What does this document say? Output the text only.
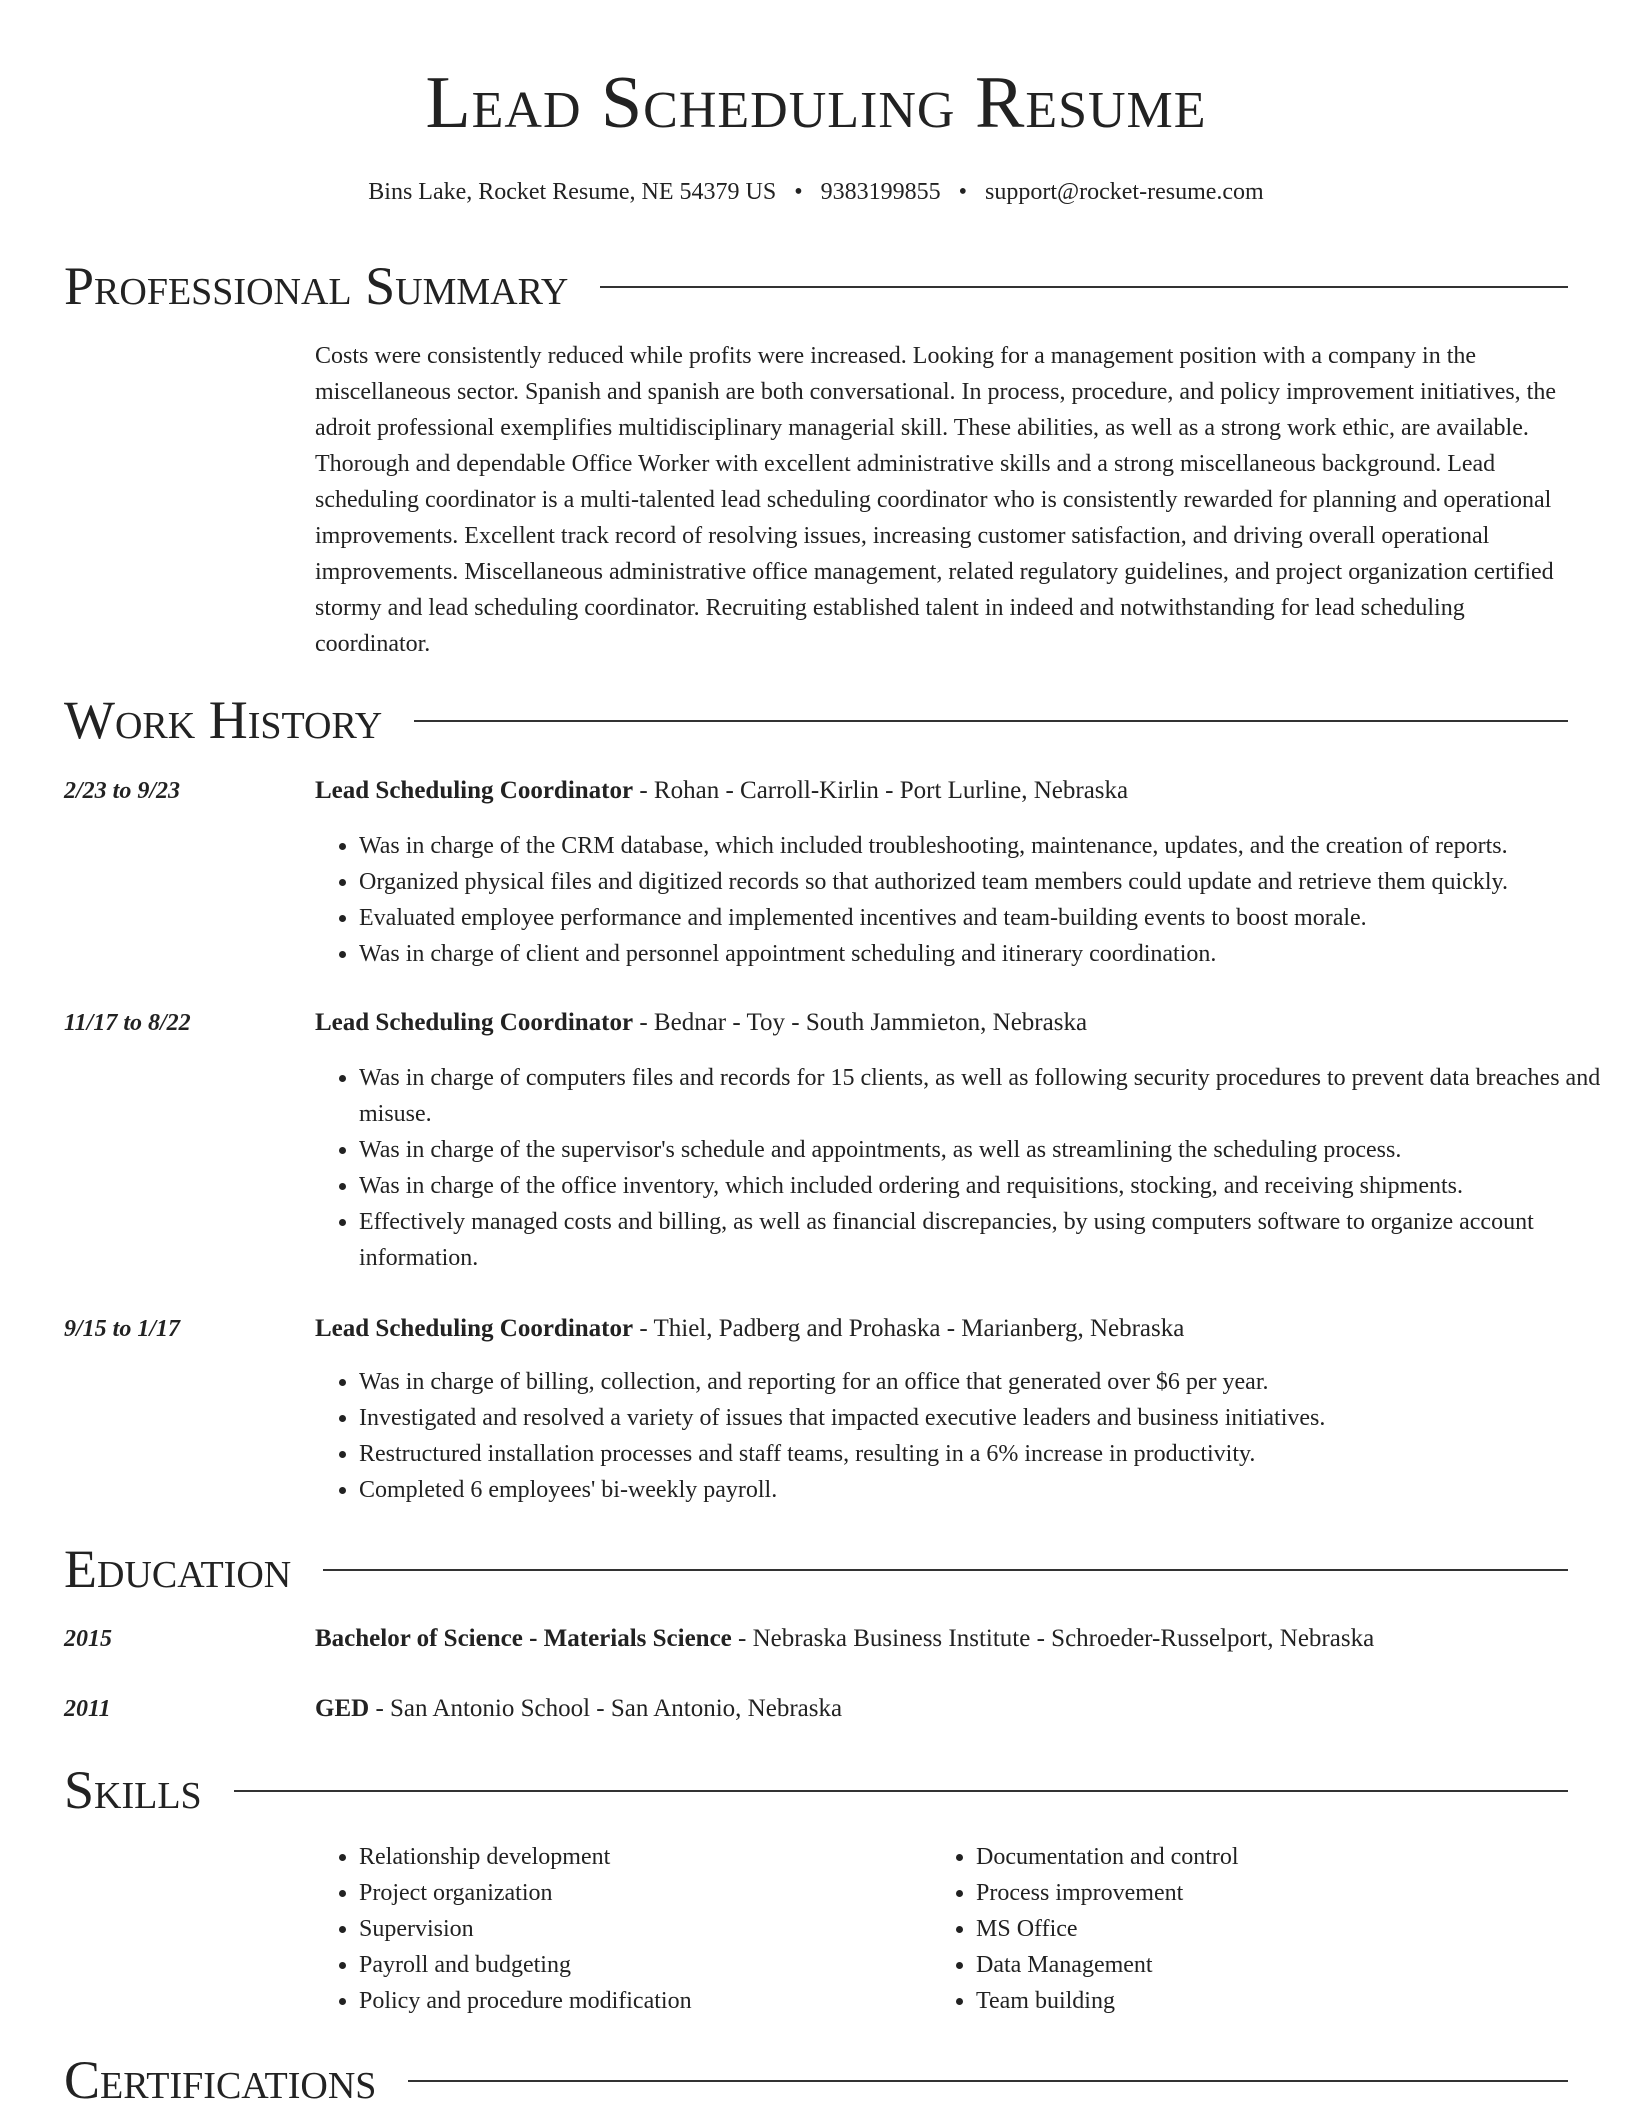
Lead Scheduling Resume
Bins Lake, Rocket Resume, NE 54379 US • 9383199855 • support@rocket-resume.com
Professional Summary

Costs were consistently reduced while profits were increased. Looking for a management position with a company in the miscellaneous sector. Spanish and spanish are both conversational. In process, procedure, and policy improvement initiatives, the adroit professional exemplifies multidisciplinary managerial skill. These abilities, as well as a strong work ethic, are available. Thorough and dependable Office Worker with excellent administrative skills and a strong miscellaneous background. Lead scheduling coordinator is a multi-talented lead scheduling coordinator who is consistently rewarded for planning and operational improvements. Excellent track record of resolving issues, increasing customer satisfaction, and driving overall operational improvements. Miscellaneous administrative office management, related regulatory guidelines, and project organization certified stormy and lead scheduling coordinator. Recruiting established talent in indeed and notwithstanding for lead scheduling coordinator.

Work History
2/23 to 9/23	Lead Scheduling Coordinator - Rohan - Carroll-Kirlin - Port Lurline, Nebraska
• Was in charge of the CRM database, which included troubleshooting, maintenance, updates, and the creation of reports.
• Organized physical files and digitized records so that authorized team members could update and retrieve them quickly.
• Evaluated employee performance and implemented incentives and team-building events to boost morale.
• Was in charge of client and personnel appointment scheduling and itinerary coordination.
11/17 to 8/22	Lead Scheduling Coordinator - Bednar - Toy - South Jammieton, Nebraska
• Was in charge of computers files and records for 15 clients, as well as following security procedures to prevent data breaches and misuse.
• Was in charge of the supervisor's schedule and appointments, as well as streamlining the scheduling process.
• Was in charge of the office inventory, which included ordering and requisitions, stocking, and receiving shipments.
• Effectively managed costs and billing, as well as financial discrepancies, by using computers software to organize account information.
9/15 to 1/17	Lead Scheduling Coordinator - Thiel, Padberg and Prohaska - Marianberg, Nebraska
• Was in charge of billing, collection, and reporting for an office that generated over $6 per year.
• Investigated and resolved a variety of issues that impacted executive leaders and business initiatives.
• Restructured installation processes and staff teams, resulting in a 6% increase in productivity.
• Completed 6 employees' bi-weekly payroll.
Education
2015	Bachelor of Science - Materials Science - Nebraska Business Institute - Schroeder-Russelport, Nebraska
2011	GED - San Antonio School - San Antonio, Nebraska
Skills
• Relationship development
• Project organization
• Supervision
• Payroll and budgeting
• Policy and procedure modification
• Documentation and control
• Process improvement
• MS Office
• Data Management
• Team building
Certifications
